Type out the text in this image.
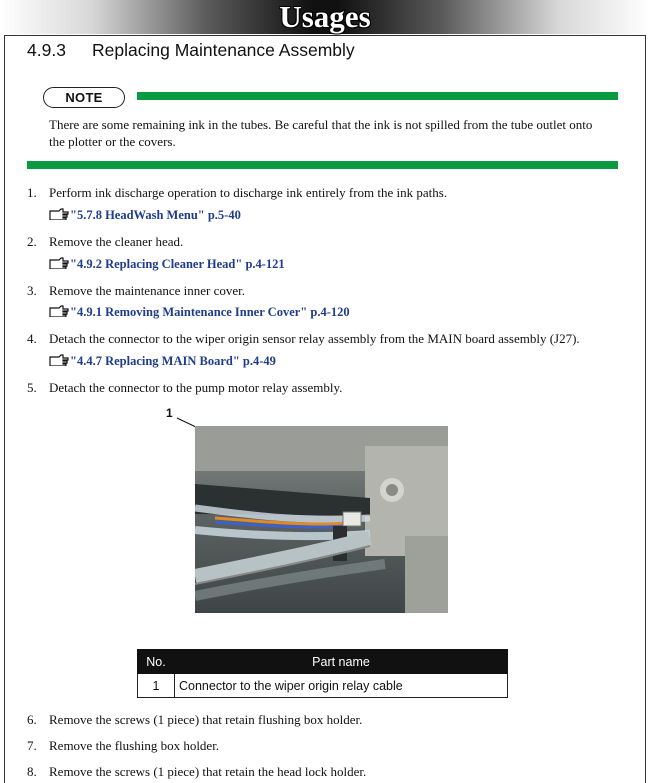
Usages
4.9.3 Replacing Maintenance Assembly
NOTE
There are some remaining ink in the tubes. Be careful that the ink is not spilled from the tube outlet onto the plotter or the covers.
1. Perform ink discharge operation to discharge ink entirely from the ink paths.
"5.7.8 HeadWash Menu" p.5-40
2. Remove the cleaner head.
"4.9.2 Replacing Cleaner Head" p.4-121
3. Remove the maintenance inner cover.
"4.9.1 Removing Maintenance Inner Cover" p.4-120
4. Detach the connector to the wiper origin sensor relay assembly from the MAIN board assembly (J27).
"4.4.7 Replacing MAIN Board" p.4-49
5. Detach the connector to the pump motor relay assembly.
1
No.	Part name
1	Connector to the wiper origin relay cable
6. Remove the screws (1 piece) that retain flushing box holder.
7. Remove the flushing box holder.
8. Remove the screws (1 piece) that retain the head lock holder.
